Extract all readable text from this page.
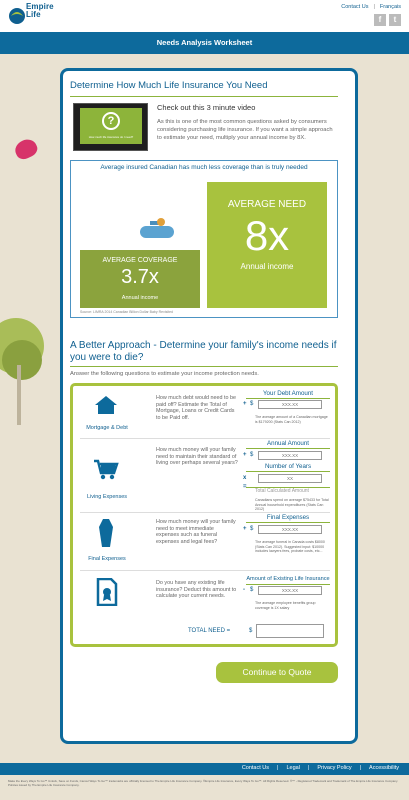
Empire
Life
Contact Us | Français
f	t
Needs Analysis Worksheet
Determine How Much Life Insurance You Need
?
How much life insurance do I need?
Check out this 3 minute video
As this is one of the most common questions asked by consumers considering purchasing life insurance. If you want a simple approach to estimate your need, multiply your annual income by 8X.
Average insured Canadian has much less coverage than is truly needed
AVERAGE COVERAGE
3.7x
Annual income
AVERAGE NEED
8x
Annual income
Source: LIMRA 2014 Canadian Billion Dollar Baby Revisited
A Better Approach - Determine your family's income needs if you were to die?
Answer the following questions to estimate your income protection needs.
Mortgage & Debt
How much debt would need to be paid off? Estimate the Total of Mortgage, Loans or Credit Cards to be Paid off.
Your Debt Amount
+ $
XXX.XX
The average amount of a Canadian mortgage is $179200 (Stats Can 2012)
Living Expenses
How much money will your family need to maintain their standard of living over perhaps several years?
Annual Amount
+ $
XXX.XX
Number of Years
x
XX
=
Total Calculated Amount
Canadians spend on average $75433 for Total Annual household expenditures (Stats Can 2012)
Final Expenses
How much money will your family need to meet immediate expenses such as funeral expenses and legal fees?
Final Expenses
+ $
XXX.XX
The average funeral in Canada costs $8000 (Stats Can 2012). Suggested input: $10000 includes lawyers fees, probate costs, etc...
Do you have any existing life insurance? Deduct this amount to calculate your current needs.
Amount of Existing Life Insurance
- $
XXX.XX
The average employee benefits group coverage is 1X salary
TOTAL NEED =	$
Continue to Quote
Contact Us | Legal | Privacy Policy | Accessibility
Make the Every Ways To Go™ Unlock, Save on Funds, Cancel Ways To Go™ trademarks are officially licensed to The Empire Life Insurance Company. ®Empire Life Insurance, Every Ways To Go™. All Rights Reserved. ®™ - Registered Trademark and Trademark of The Empire Life Insurance Company. Policies issued by The Empire Life Insurance Company.
